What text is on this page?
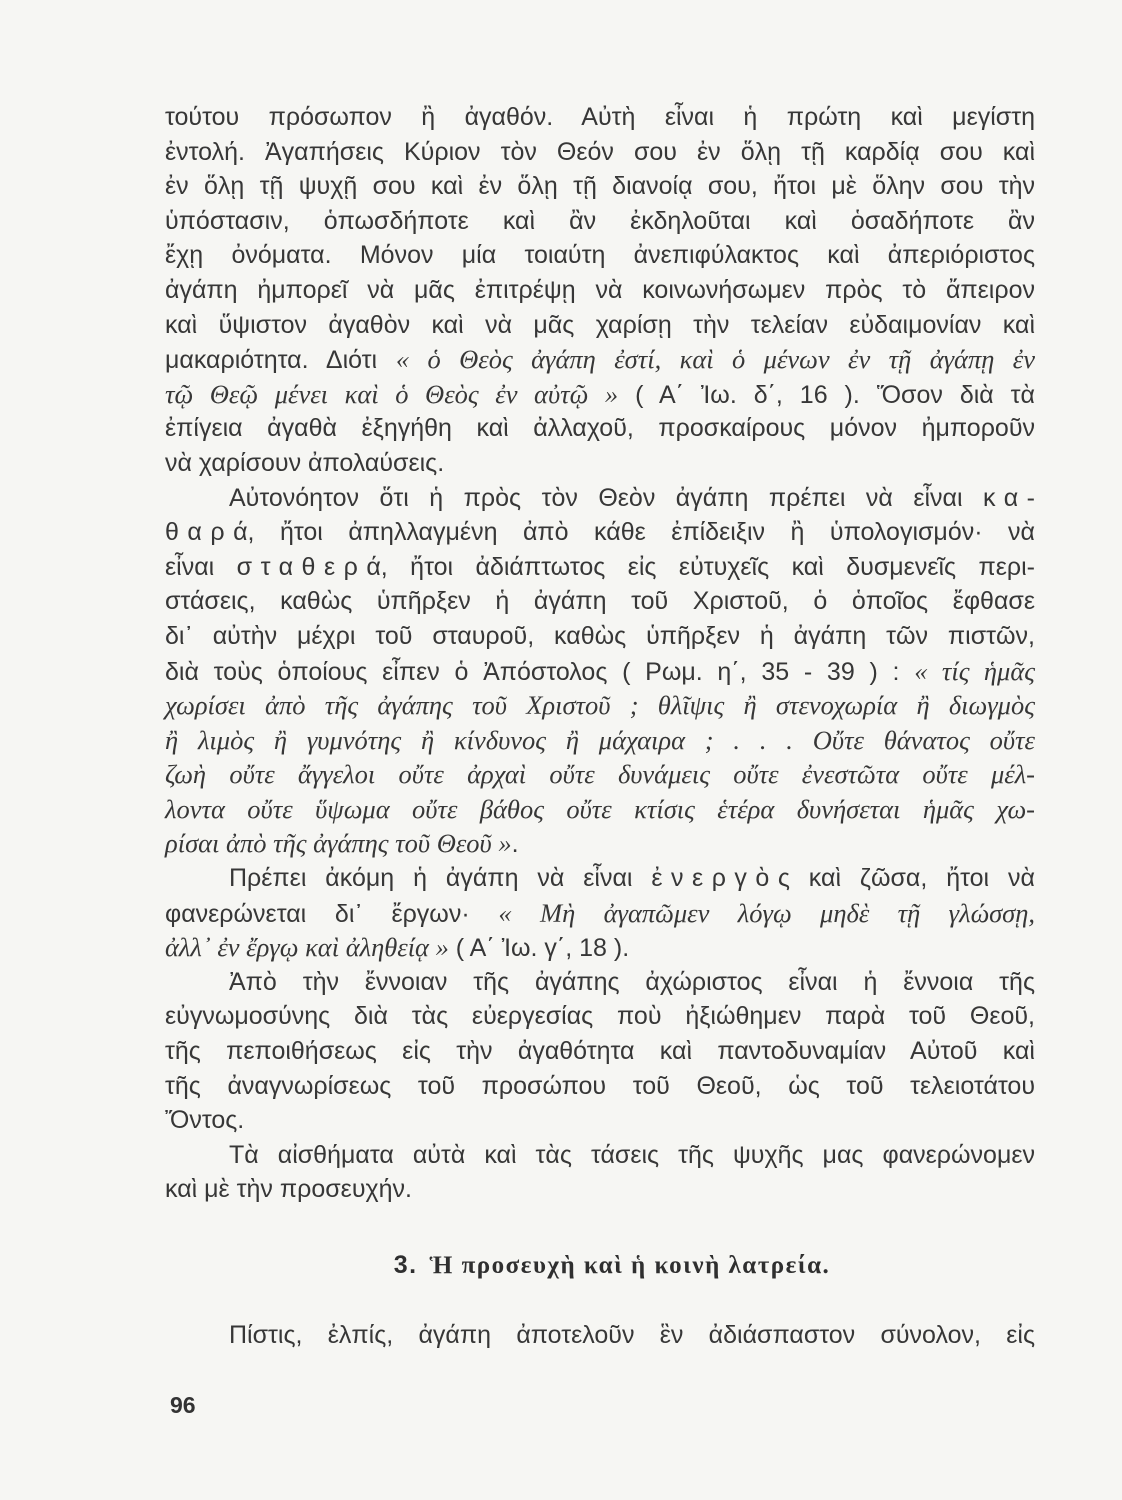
τούτου πρόσωπον ἢ ἀγαθόν. Αὐτὴ εἶναι ἡ πρώτη καὶ μεγίστη
ἐντολή. Ἀγαπήσεις Κύριον τὸν Θεόν σου ἐν ὅλῃ τῇ καρδίᾳ σου καὶ
ἐν ὅλῃ τῇ ψυχῇ σου καὶ ἐν ὅλῃ τῇ διανοίᾳ σου, ἤτοι μὲ ὅλην σου τὴν
ὑπόστασιν, ὁπωσδήποτε καὶ ἂν ἐκδηλοῦται καὶ ὁσαδήποτε ἂν
ἔχῃ ὀνόματα. Μόνον μία τοιαύτη ἀνεπιφύλακτος καὶ ἀπεριόριστος
ἀγάπη ἠμπορεῖ νὰ μᾶς ἐπιτρέψῃ νὰ κοινωνήσωμεν πρὸς τὸ ἄπειρον
καὶ ὕψιστον ἀγαθὸν καὶ νὰ μᾶς χαρίσῃ τὴν τελείαν εὐδαιμονίαν καὶ
μακαριότητα. Διότι « ὁ Θεὸς ἀγάπη ἐστί, καὶ ὁ μένων ἐν τῇ ἀγάπῃ ἐν
τῷ Θεῷ μένει καὶ ὁ Θεὸς ἐν αὐτῷ » ( Α΄ Ἰω. δ΄, 16 ). Ὅσον διὰ τὰ
ἐπίγεια ἀγαθὰ ἐξηγήθη καὶ ἀλλαχοῦ, προσκαίρους μόνον ἠμποροῦν
νὰ χαρίσουν ἀπολαύσεις.
Αὐτονόητον ὅτι ἡ πρὸς τὸν Θεὸν ἀγάπη πρέπει νὰ εἶναι κα-
θαρά, ἤτοι ἀπηλλαγμένη ἀπὸ κάθε ἐπίδειξιν ἢ ὑπολογισμόν· νὰ
εἶναι σταθερά, ἤτοι ἀδιάπτωτος εἰς εὐτυχεῖς καὶ δυσμενεῖς περι-
στάσεις, καθὼς ὑπῆρξεν ἡ ἀγάπη τοῦ Χριστοῦ, ὁ ὁποῖος ἔφθασε
δι᾽ αὐτὴν μέχρι τοῦ σταυροῦ, καθὼς ὑπῆρξεν ἡ ἀγάπη τῶν πιστῶν,
διὰ τοὺς ὁποίους εἶπεν ὁ Ἀπόστολος ( Ρωμ. η΄, 35 - 39 ) : « τίς ἡμᾶς
χωρίσει ἀπὸ τῆς ἀγάπης τοῦ Χριστοῦ ; θλῖψις ἢ στενοχωρία ἢ διωγμὸς
ἢ λιμὸς ἢ γυμνότης ἢ κίνδυνος ἢ μάχαιρα ; . . . Οὔτε θάνατος οὔτε
ζωὴ οὔτε ἄγγελοι οὔτε ἀρχαὶ οὔτε δυνάμεις οὔτε ἐνεστῶτα οὔτε μέλ-
λοντα οὔτε ὕψωμα οὔτε βάθος οὔτε κτίσις ἑτέρα δυνήσεται ἡμᾶς χω-
ρίσαι ἀπὸ τῆς ἀγάπης τοῦ Θεοῦ ».
Πρέπει ἀκόμη ἡ ἀγάπη νὰ εἶναι ἐνεργὸς καὶ ζῶσα, ἤτοι νὰ
φανερώνεται δι᾽ ἔργων· « Μὴ ἀγαπῶμεν λόγῳ μηδὲ τῇ γλώσσῃ,
ἀλλ᾽ ἐν ἔργῳ καὶ ἀληθείᾳ » ( Α΄ Ἰω. γ΄, 18 ).
Ἀπὸ τὴν ἔννοιαν τῆς ἀγάπης ἀχώριστος εἶναι ἡ ἔννοια τῆς
εὐγνωμοσύνης διὰ τὰς εὐεργεσίας ποὺ ἠξιώθημεν παρὰ τοῦ Θεοῦ,
τῆς πεποιθήσεως εἰς τὴν ἀγαθότητα καὶ παντοδυναμίαν Αὐτοῦ καὶ
τῆς ἀναγνωρίσεως τοῦ προσώπου τοῦ Θεοῦ, ὡς τοῦ τελειοτάτου
Ὄντος.
Τὰ αἰσθήματα αὐτὰ καὶ τὰς τάσεις τῆς ψυχῆς μας φανερώνομεν
καὶ μὲ τὴν προσευχήν.
3. Ἡ προσευχὴ καὶ ἡ κοινὴ λατρεία.
Πίστις, ἐλπίς, ἀγάπη ἀποτελοῦν ἓν ἀδιάσπαστον σύνολον, εἰς
96
